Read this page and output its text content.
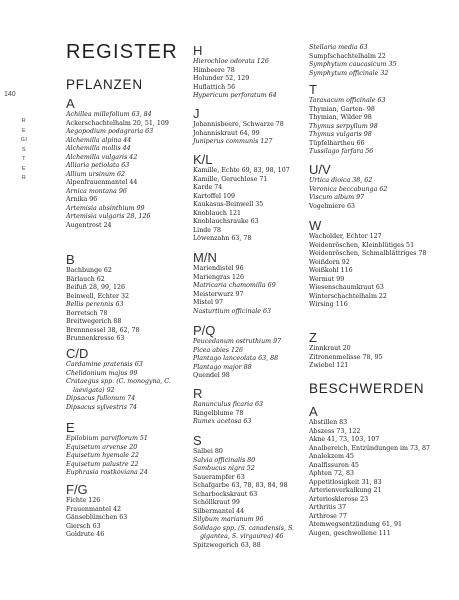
140
REGISTER
REGISTER
PFLANZEN
A
Achillea millefolium 63, 84
Ackerschachtelhalm 20, 51, 109
Aegopodium podagraria 63
Alchemilla alpina 44
Alchemilla mollis 44
Alchemilla vulgaris 42
Alliaria petiolata 63
Allium ursinum 62
Alpenfrauenmantel 44
Arnica montana 96
Arnika 96
Artemisia absinthium 99
Artemisia vulgaris 28, 126
Augentrost 24
B
Bachbunge 62
Bärlauch 62
Beifuß 28, 99, 126
Beinwell, Echter 32
Bellis perennis 63
Borretsch 78
Breitwegerich 88
Brennnessel 38, 62, 78
Brunnenkresse 63
C/D
Cardamine pratensis 63
Chelidonium majus 99
Crataegus spp. (C. monogyna, C. laevigata) 92
Dipsacus fullonum 74
Dipsacus sylvestris 74
E
Epilobium parviflorum 51
Equisetum arvense 20
Equisetum hyemale 22
Equisetum palustre 22
Euphrasia rostkoviana 24
F/G
Fichte 126
Frauenmantel 42
Gänseblümchen 63
Giersch 63
Goldrute 46
H
Hierochloe odorata 126
Himbeere 78
Holunder 52, 129
Huflattich 56
Hypericum perforatum 64
J
Johannisbeere, Schwarze 78
Johanniskraut 64, 99
Juniperus communis 127
K/L
Kamille, Echte 69, 83, 98, 107
Kamille, Geruchlose 71
Karde 74
Kartoffel 109
Kaukasus-Beinwell 35
Knoblauch 121
Knoblauchsrauke 63
Linde 78
Löwenzahn 63, 78
M/N
Mariendistel 96
Mariengras 126
Matricaria chamomilla 69
Meisterwurz 97
Mistel 97
Nasturtium officinale 63
P/Q
Peucedanum ostruthium 97
Picea abies 126
Plantago lanceolata 63, 88
Plantago major 88
Quendel 98
R
Ranunculus ficaria 63
Ringelblume 78
Rumex acetosa 63
S
Salbei 80
Salvia officinalis 80
Sambucus nigra 52
Sauerampfer 63
Schafgarbe 63, 78, 83, 84, 98
Scharbockskraut 63
Schöllkraut 99
Silbermantel 44
Silybum marianum 96
Solidago spp. (S. canadensis, S. gigantea, S. virgaurea) 46
Spitzwegerich 63, 88
Stellaria media 63
Sumpfschachtelhalm 22
Symphytum caucasicum 35
Symphytum officinale 32
T
Taraxacum officinale 63
Thymian, Garten- 98
Thymian, Wilder 98
Thymus serpyllum 98
Thymus vulgaris 98
Tüpfelhartheu 66
Tussilago farfara 56
U/V
Urtica dioica 38, 62
Veronica beccabunga 62
Viscum album 97
Vogelmiere 63
W
Wacholder, Echter 127
Weidenröschen, Kleinblütiges 51
Weidenröschen, Schmalblättriges 78
Weißdorn 92
Weißkohl 116
Wermut 99
Wiesenschaumkraut 63
Winterschachtelhalm 22
Wirsing 116
Z
Zinnkraut 20
Zitronenmelisse 78, 95
Zwiebel 121
BESCHWERDEN
A
Abstillen 83
Abszess 73, 122
Akne 41, 73, 103, 107
Analbereich, Entzündungen im 73, 87
Analekzem 45
Analfissuren 45
Aphten 72, 83
Appetitlosigkeit 31, 83
Arterienverkalkung 21
Arteriosklerose 23
Arthritis 37
Arthrose 77
Atemwegsentzündung 61, 91
Augen, geschwollene 111
